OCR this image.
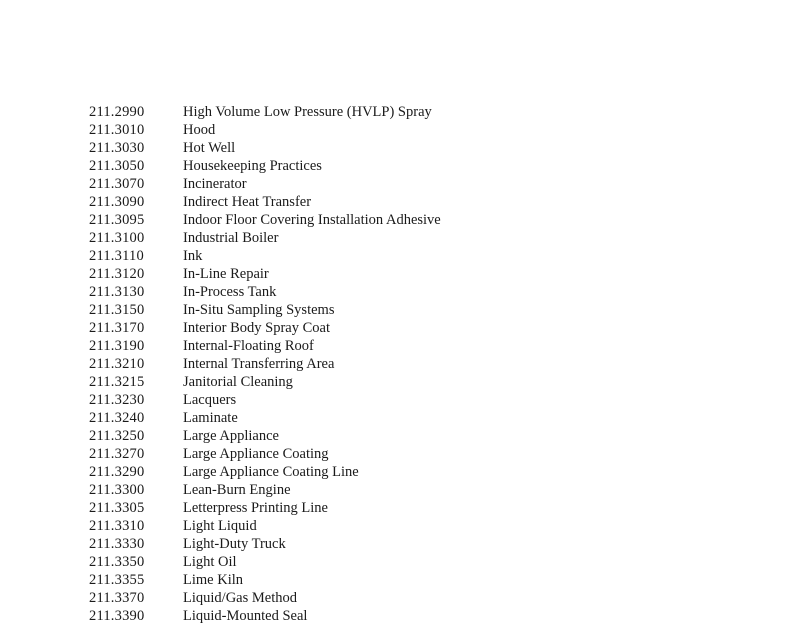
211.2990	High Volume Low Pressure (HVLP) Spray
211.3010	Hood
211.3030	Hot Well
211.3050	Housekeeping Practices
211.3070	Incinerator
211.3090	Indirect Heat Transfer
211.3095	Indoor Floor Covering Installation Adhesive
211.3100	Industrial Boiler
211.3110	Ink
211.3120	In-Line Repair
211.3130	In-Process Tank
211.3150	In-Situ Sampling Systems
211.3170	Interior Body Spray Coat
211.3190	Internal-Floating Roof
211.3210	Internal Transferring Area
211.3215	Janitorial Cleaning
211.3230	Lacquers
211.3240	Laminate
211.3250	Large Appliance
211.3270	Large Appliance Coating
211.3290	Large Appliance Coating Line
211.3300	Lean-Burn Engine
211.3305	Letterpress Printing Line
211.3310	Light Liquid
211.3330	Light-Duty Truck
211.3350	Light Oil
211.3355	Lime Kiln
211.3370	Liquid/Gas Method
211.3390	Liquid-Mounted Seal
